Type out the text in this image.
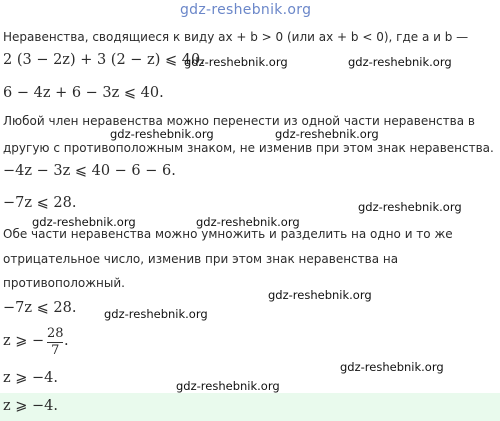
gdz-reshebnik.org
Неравенства, сводящиеся к виду ax + b > 0 (или ax + b < 0), где a и b —
2 (3 − 2z) + 3 (2 − z) ⩽ 40.
6 − 4z + 6 − 3z ⩽ 40.
Любой член неравенства можно перенести из одной части неравенства в
другую с противоположным знаком, не изменив при этом знак неравенства.
−4z − 3z ⩽ 40 − 6 − 6.
−7z ⩽ 28.
Обе части неравенства можно умножить и разделить на одно и то же
отрицательное число, изменив при этом знак неравенства на
противоположный.
−7z ⩽ 28.
z ⩾ − 28
7
.
z ⩾ −4.
z ⩾ −4.
gdz-reshebnik.org	gdz-reshebnik.org
gdz-reshebnik.org	gdz-reshebnik.org
gdz-reshebnik.org
gdz-reshebnik.org	gdz-reshebnik.org
gdz-reshebnik.org
gdz-reshebnik.org
gdz-reshebnik.org
gdz-reshebnik.org
